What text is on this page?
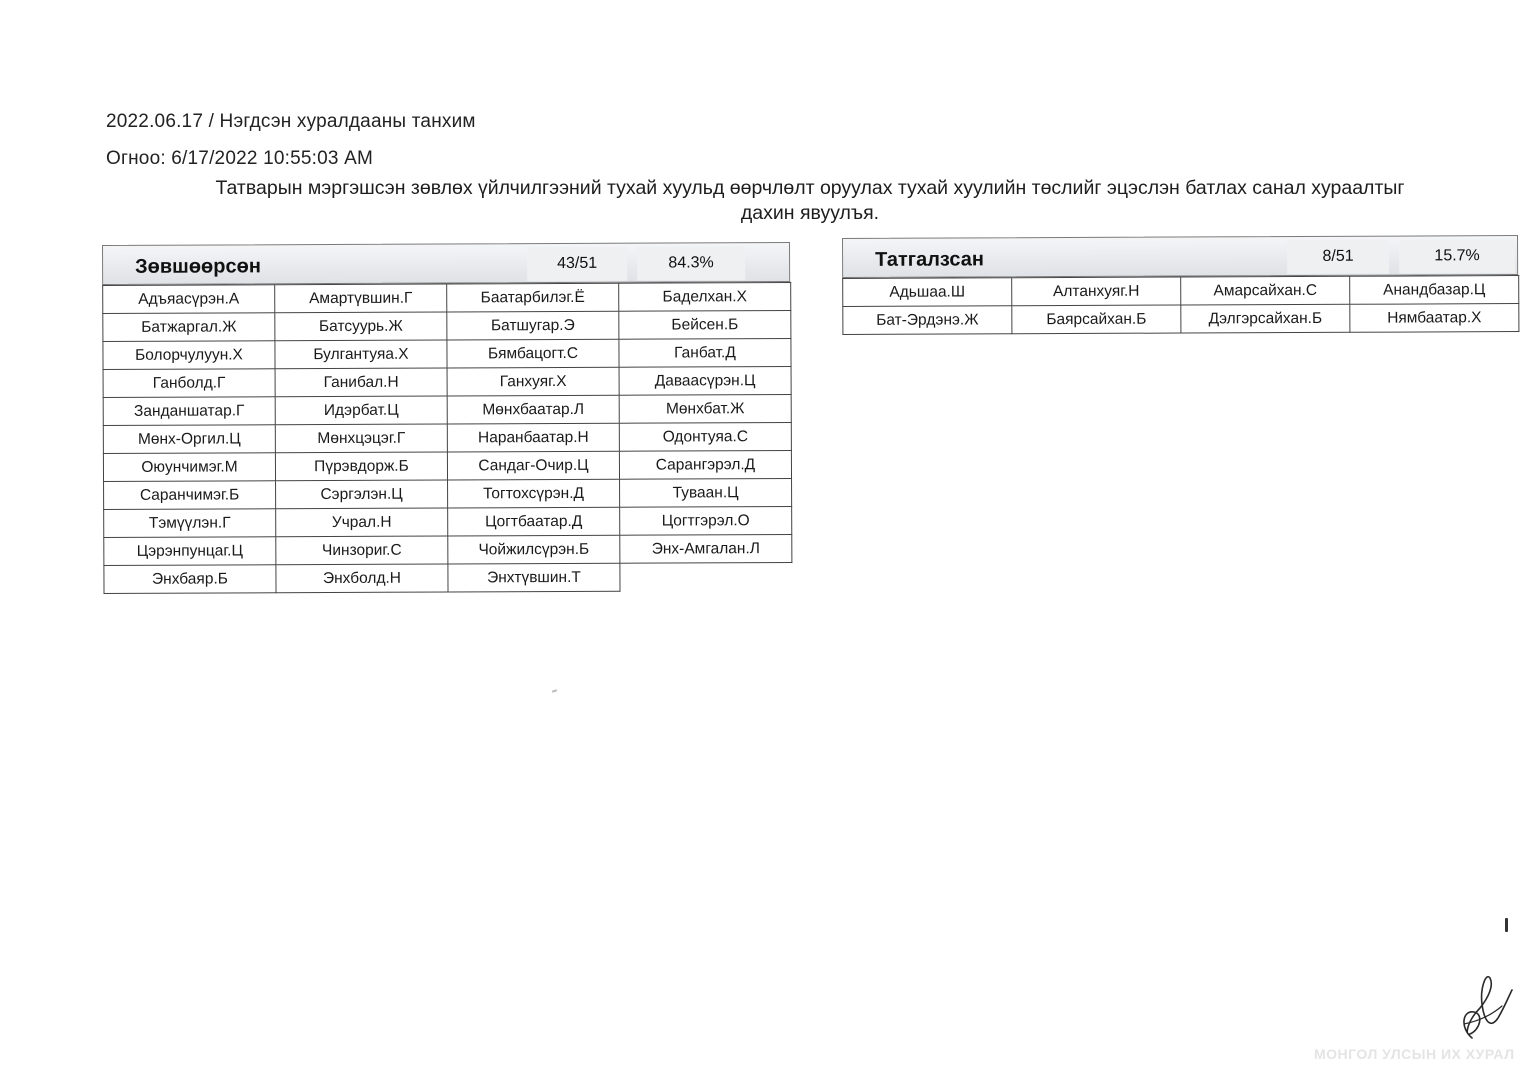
2022.06.17 / Нэгдсэн хуралдааны танхим
Огноо: 6/17/2022 10:55:03 AM
Татварын мэргэшсэн зөвлөх үйлчилгээний тухай хуульд өөрчлөлт оруулах тухай хуулийн төслийг эцэслэн батлах санал хураалтыг
дахин явуулъя.
Зөвшөөрсөн	43/51	84.3%
Адъяасүрэн.А	Амартүвшин.Г	Баатарбилэг.Ё	Баделхан.Х
Батжаргал.Ж	Батсуурь.Ж	Батшугар.Э	Бейсен.Б
Болорчулуун.Х	Булгантуяа.Х	Бямбацогт.С	Ганбат.Д
Ганболд.Г	Ганибал.Н	Ганхуяг.Х	Даваасүрэн.Ц
Занданшатар.Г	Идэрбат.Ц	Мөнхбаатар.Л	Мөнхбат.Ж
Мөнх-Оргил.Ц	Мөнхцэцэг.Г	Наранбаатар.Н	Одонтуяа.С
Оюунчимэг.М	Пүрэвдорж.Б	Сандаг-Очир.Ц	Сарангэрэл.Д
Саранчимэг.Б	Сэргэлэн.Ц	Тогтохсүрэн.Д	Туваан.Ц
Тэмүүлэн.Г	Учрал.Н	Цогтбаатар.Д	Цогтгэрэл.О
Цэрэнпунцаг.Ц	Чинзориг.С	Чойжилсүрэн.Б	Энх-Амгалан.Л
Энхбаяр.Б	Энхболд.Н	Энхтүвшин.Т	
Татгалзсан	8/51	15.7%
Адьшаа.Ш	Алтанхуяг.Н	Амарсайхан.С	Анандбазар.Ц
Бат-Эрдэнэ.Ж	Баярсайхан.Б	Дэлгэрсайхан.Б	Нямбаатар.Х
МОНГОЛ УЛСЫН ИХ ХУРАЛ
